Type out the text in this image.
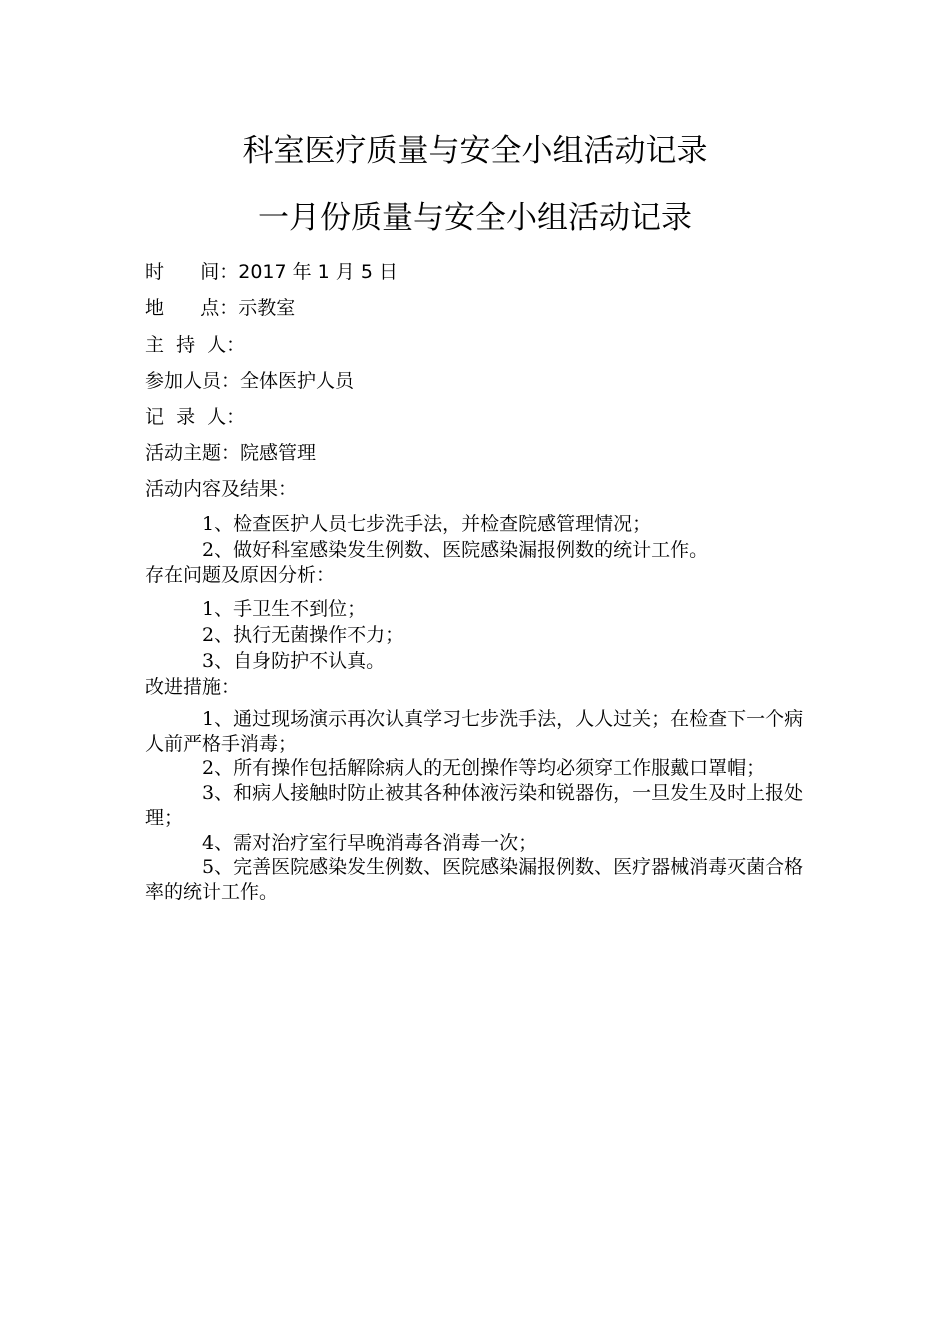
科室医疗质量与安全小组活动记录
一月份质量与安全小组活动记录
时      间：2017 年 1 月 5 日
地      点：示教室
主  持  人：
参加人员：全体医护人员
记  录  人：
活动主题：院感管理
活动内容及结果：

1、检查医护人员七步洗手法，并检查院感管理情况；

2、做好科室感染发生例数、医院感染漏报例数的统计工作。

存在问题及原因分析：

1、手卫生不到位；

2、执行无菌操作不力；

3、自身防护不认真。

改进措施：

1、通过现场演示再次认真学习七步洗手法，人人过关；在检查下一个病人前严格手消毒；

2、所有操作包括解除病人的无创操作等均必须穿工作服戴口罩帽；

3、和病人接触时防止被其各种体液污染和锐器伤，一旦发生及时上报处理；

4、需对治疗室行早晚消毒各消毒一次；

5、完善医院感染发生例数、医院感染漏报例数、医疗器械消毒灭菌合格率的统计工作。
